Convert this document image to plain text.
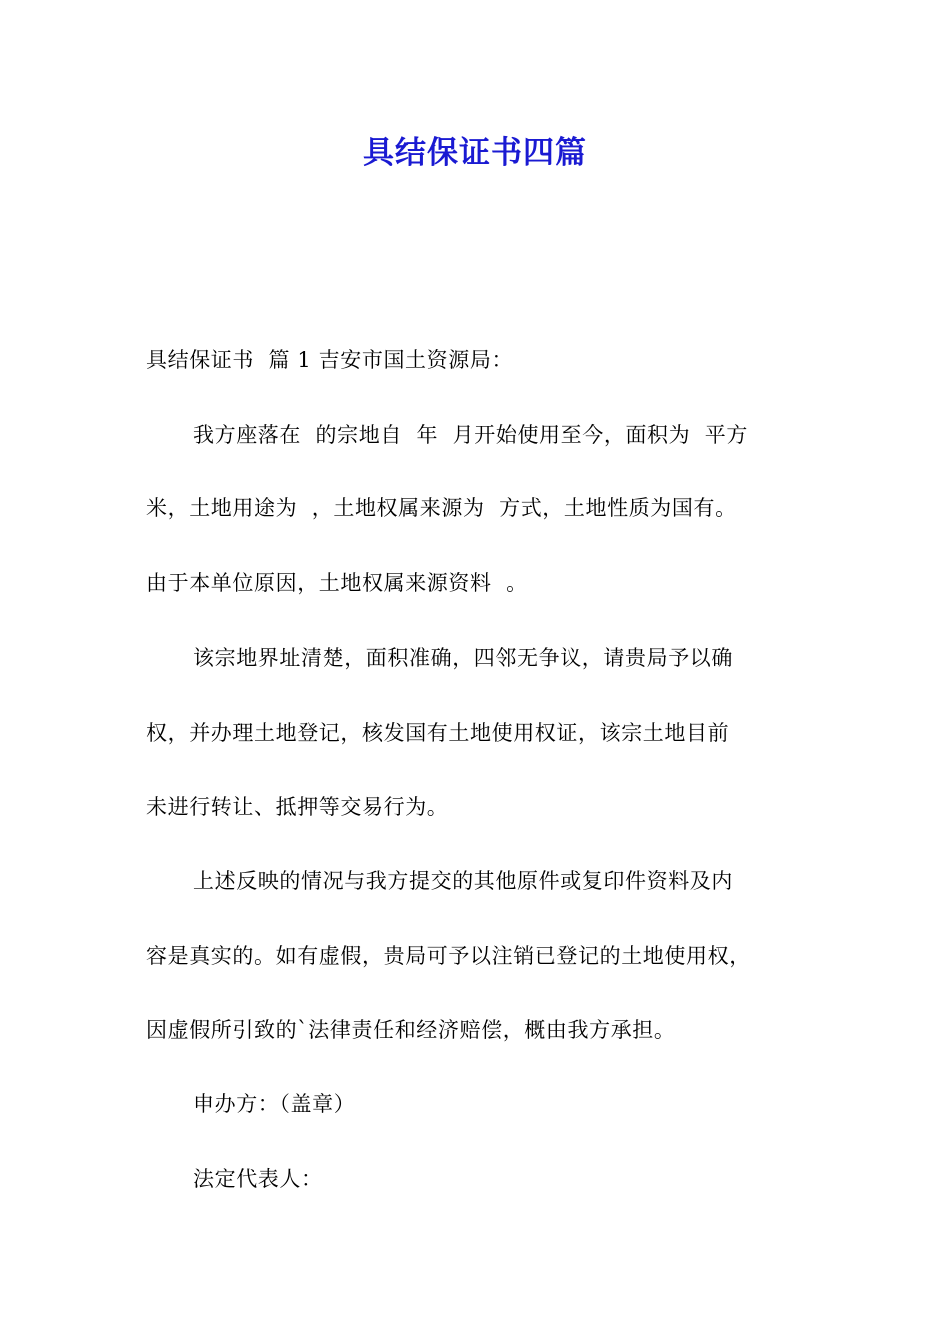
具结保证书四篇
具结保证书  篇 1 吉安市国土资源局：
我方座落在  的宗地自  年  月开始使用至今，面积为  平方
米，土地用途为  ，土地权属来源为  方式，土地性质为国有。
由于本单位原因，土地权属来源资料  。
该宗地界址清楚，面积准确，四邻无争议，请贵局予以确
权，并办理土地登记，核发国有土地使用权证，该宗土地目前
未进行转让、抵押等交易行为。
上述反映的情况与我方提交的其他原件或复印件资料及内
容是真实的。如有虚假，贵局可予以注销已登记的土地使用权，
因虚假所引致的`法律责任和经济赔偿，概由我方承担。
申办方：（盖章）
法定代表人：
